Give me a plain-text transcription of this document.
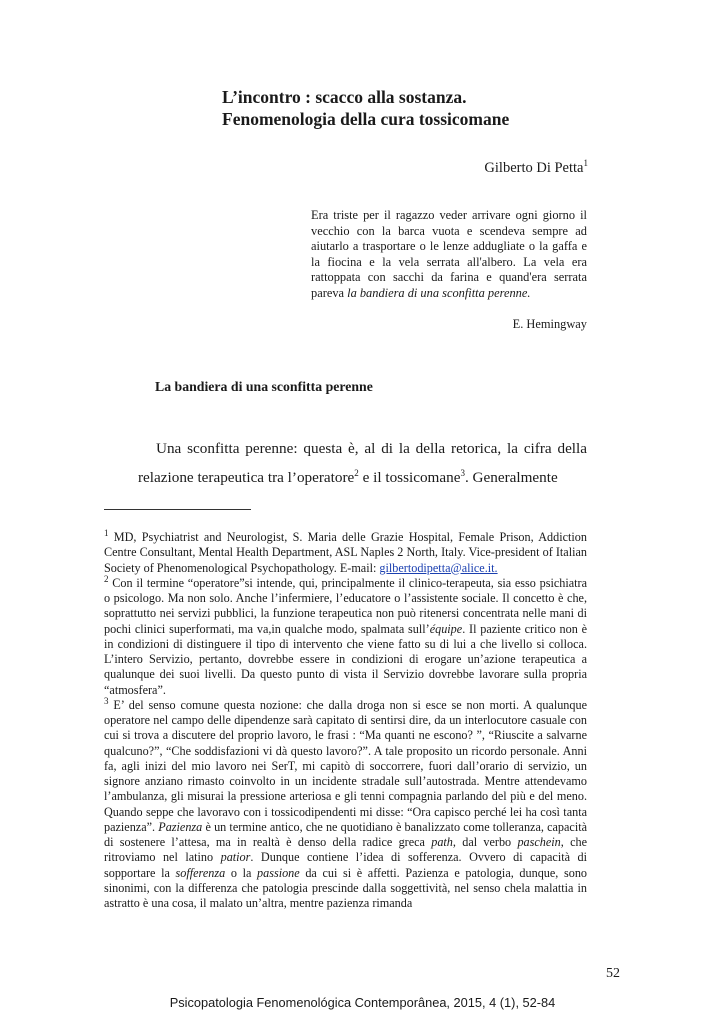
L’incontro : scacco alla sostanza.
Fenomenologia della cura tossicomane
Gilberto Di Petta$^1$

Era triste per il ragazzo veder arrivare ogni giorno il vecchio con la barca vuota e scendeva sempre ad aiutarlo a trasportare o le lenze addugliate o la gaffa e la fiocina e la vela serrata all'albero. La vela era rattoppata con sacchi da farina e quand'era serrata pareva la bandiera di una sconfitta perenne.

E. Hemingway
La bandiera di una sconfitta perenne

Una sconfitta perenne: questa è, al di la della retorica, la cifra della relazione terapeutica tra l’operatore$^2$ e il tossicomane$^3$. Generalmente

$^1$ MD, Psychiatrist and Neurologist, S. Maria delle Grazie Hospital, Female Prison, Addiction Centre Consultant, Mental Health Department, ASL Naples 2 North, Italy. Vice-president of Italian Society of Phenomenological Psychopathology. E-mail: gilbertodipetta@alice.it.

$^2$ Con il termine “operatore”si intende, qui, principalmente il clinico-terapeuta, sia esso psichiatra o psicologo. Ma non solo. Anche l’infermiere, l’educatore o l’assistente sociale. Il concetto è che, soprattutto nei servizi pubblici, la funzione terapeutica non può ritenersi concentrata nelle mani di pochi clinici superformati, ma va,in qualche modo, spalmata sull’équipe. Il paziente critico non è in condizioni di distinguere il tipo di intervento che viene fatto su di lui a che livello si colloca. L’intero Servizio, pertanto, dovrebbe essere in condizioni di erogare un’azione terapeutica a qualunque dei suoi livelli. Da questo punto di vista il Servizio dovrebbe lavorare sulla propria “atmosfera”.

$^3$ E’ del senso comune questa nozione: che dalla droga non si esce se non morti. A qualunque operatore nel campo delle dipendenze sarà capitato di sentirsi dire, da un interlocutore casuale con cui si trova a discutere del proprio lavoro, le frasi : “Ma quanti ne escono? ”, “Riuscite a salvarne qualcuno?”, “Che soddisfazioni vi dà questo lavoro?”. A tale proposito un ricordo personale. Anni fa, agli inizi del mio lavoro nei SerT, mi capitò di soccorrere, fuori dall’orario di servizio, un signore anziano rimasto coinvolto in un incidente stradale sull’autostrada. Mentre attendevamo l’ambulanza, gli misurai la pressione arteriosa e gli tenni compagnia parlando del più e del meno. Quando seppe che lavoravo con i tossicodipendenti mi disse: “Ora capisco perché lei ha così tanta pazienza”. Pazienza è un termine antico, che ne quotidiano è banalizzato come tolleranza, capacità di sostenere l’attesa, ma in realtà è denso della radice greca path, dal verbo paschein, che ritroviamo nel latino patior. Dunque contiene l’idea di sofferenza. Ovvero di capacità di sopportare la sofferenza o la passione da cui si è affetti. Pazienza e patologia, dunque, sono sinonimi, con la differenza che patologia prescinde dalla soggettività, nel senso chela malattia in astratto è una cosa, il malato un’altra, mentre pazienza rimanda

52
Psicopatologia Fenomenológica Contemporânea, 2015, 4 (1), 52-84
